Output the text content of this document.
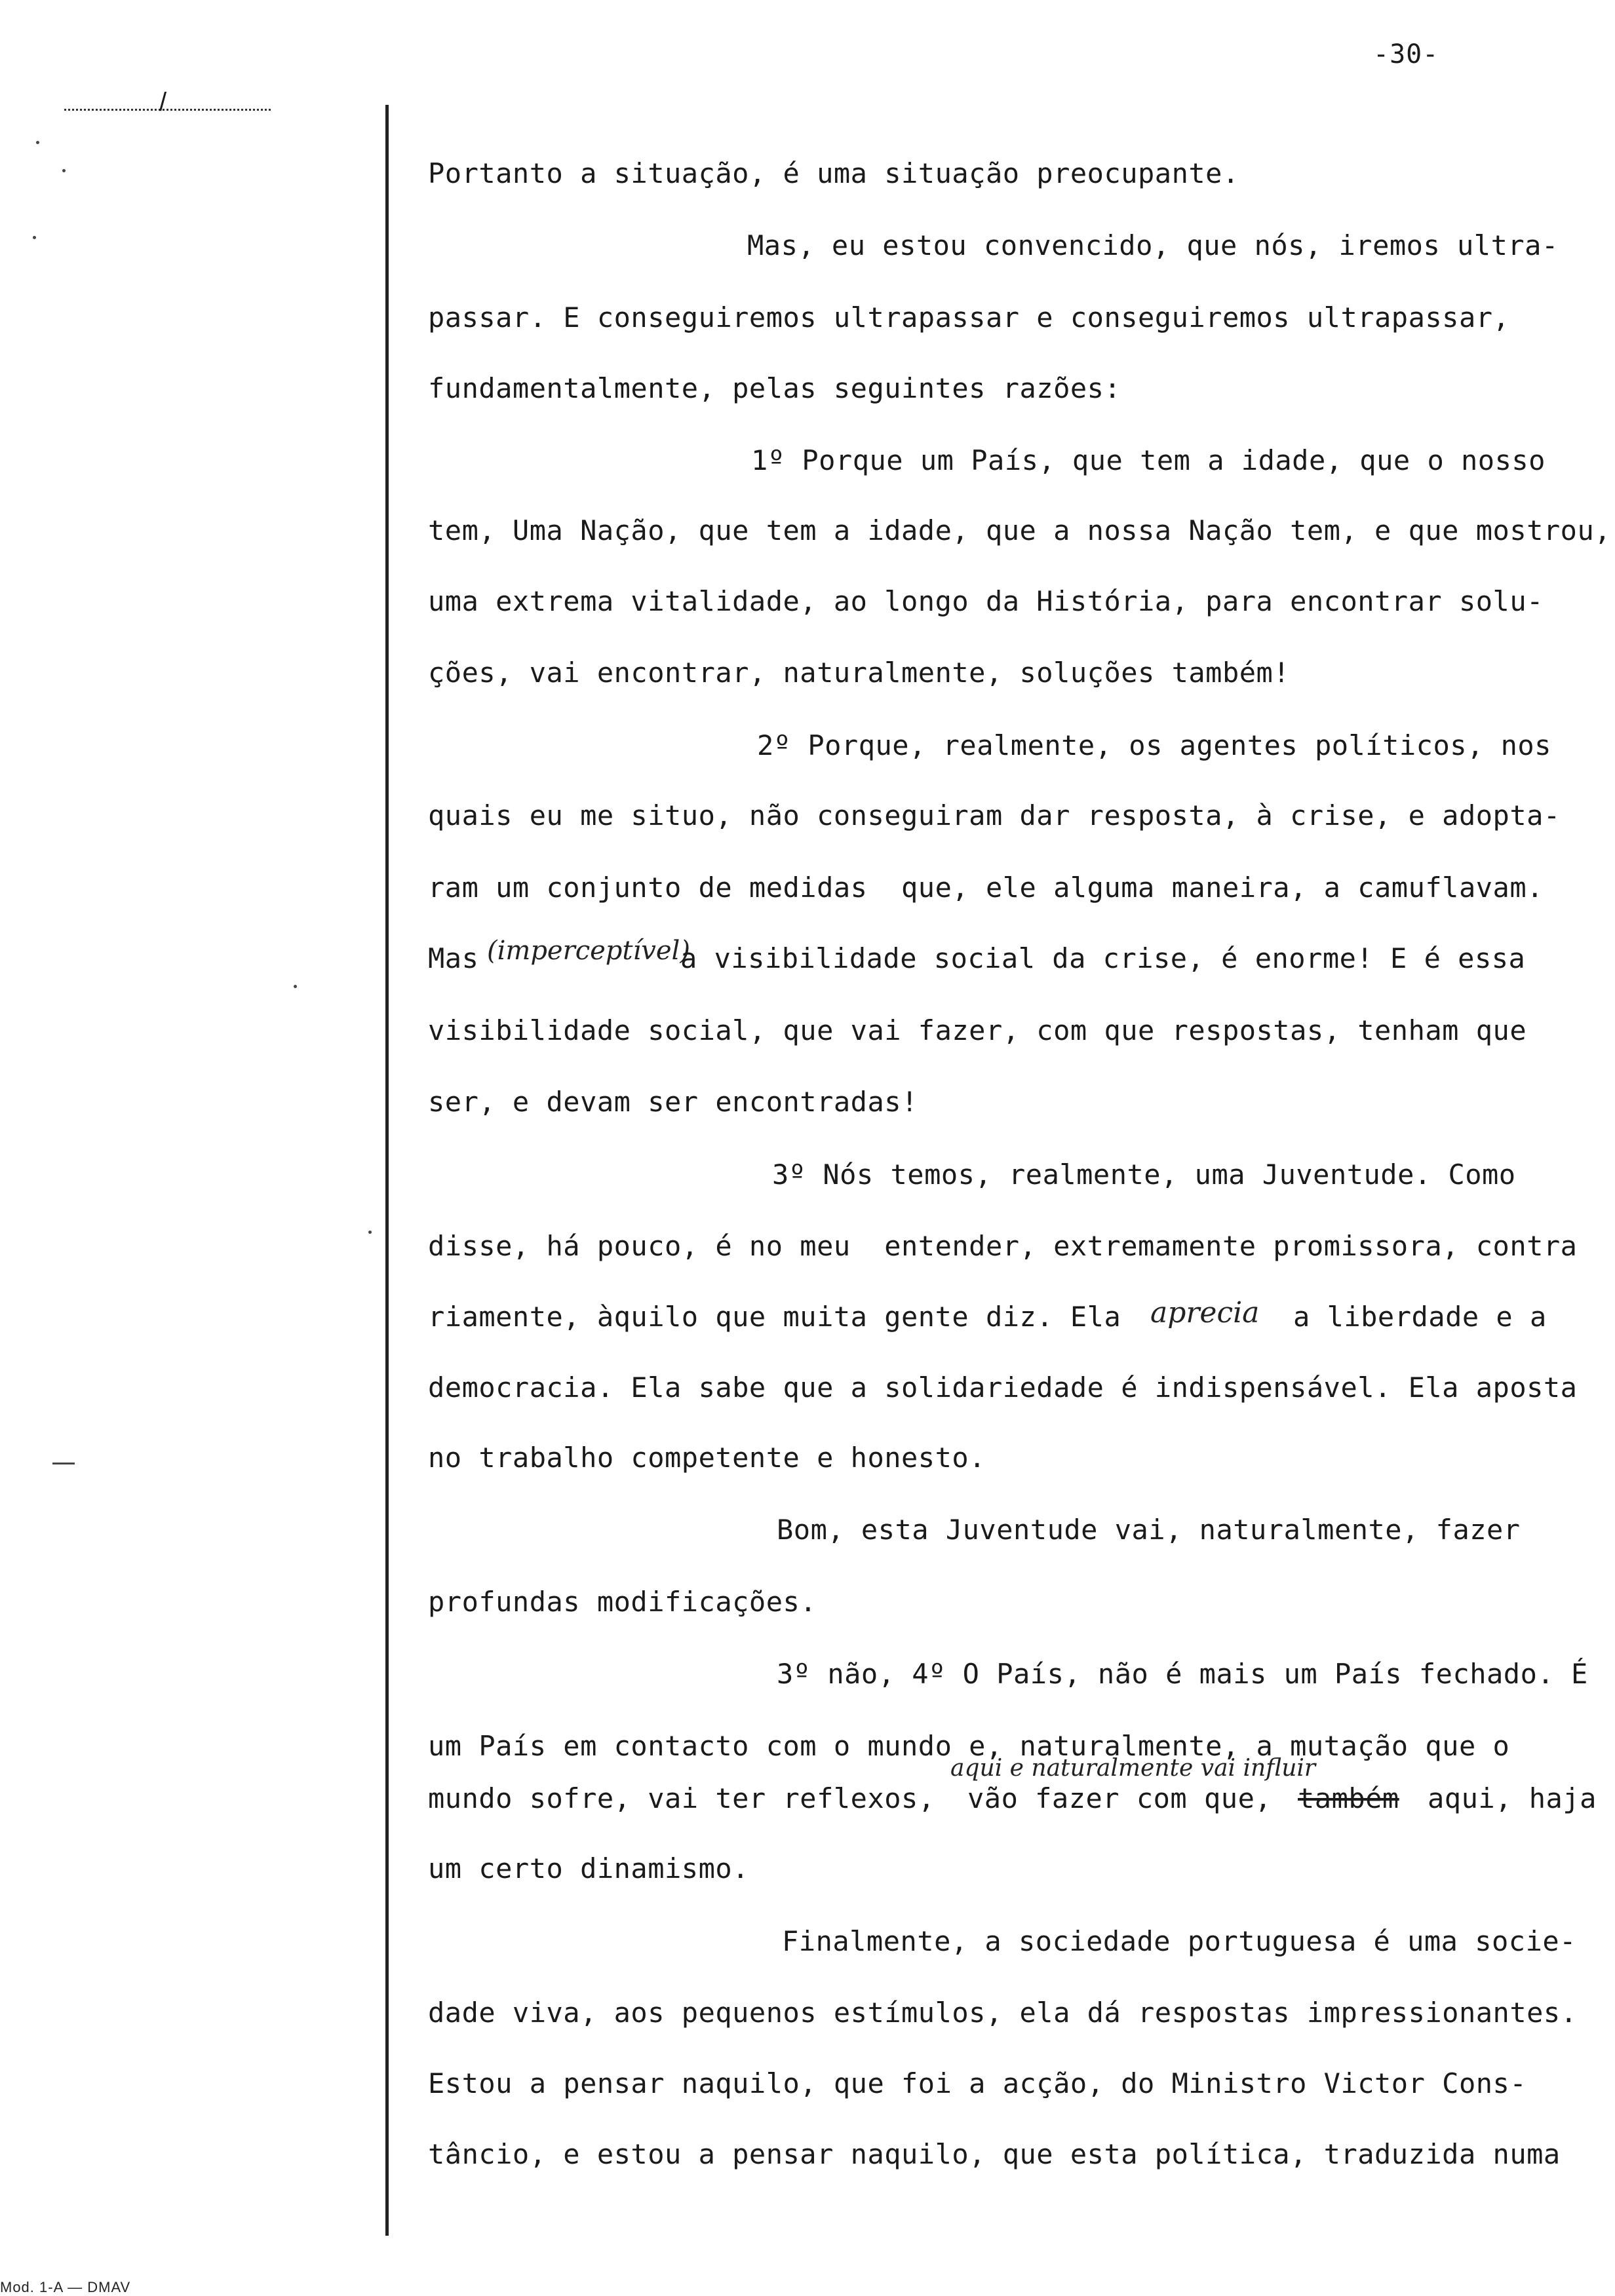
-30-
/
Portanto a situação, é uma situação preocupante.
Mas, eu estou convencido, que nós, iremos ultra-
passar. E conseguiremos ultrapassar e conseguiremos ultrapassar,
fundamentalmente, pelas seguintes razões:
1º Porque um País, que tem a idade, que o nosso
tem, Uma Nação, que tem a idade, que a nossa Nação tem, e que mostrou,
uma extrema vitalidade, ao longo da História, para encontrar solu-
ções, vai encontrar, naturalmente, soluções também!
2º Porque, realmente, os agentes políticos, nos
quais eu me situo, não conseguiram dar resposta, à crise, e adopta-
ram um conjunto de medidas  que, ele alguma maneira, a camuflavam.
Mas (imperceptível)
a visibilidade social da crise, é enorme! E é essa
visibilidade social, que vai fazer, com que respostas, tenham que
ser, e devam ser encontradas!
3º Nós temos, realmente, uma Juventude. Como
disse, há pouco, é no meu  entender, extremamente promissora, contra
riamente, àquilo que muita gente diz. Ela aprecia a liberdade e a
democracia. Ela sabe que a solidariedade é indispensável. Ela aposta
no trabalho competente e honesto.
Bom, esta Juventude vai, naturalmente, fazer
profundas modificações.
3º não, 4º O País, não é mais um País fechado. É
um País em contacto com o mundo e, naturalmente, a mutação que o
aqui e naturalmente vai influir
mundo sofre, vai ter reflexos, vão fazer com que, também aqui, haja
um certo dinamismo.
Finalmente, a sociedade portuguesa é uma socie-
dade viva, aos pequenos estímulos, ela dá respostas impressionantes.
Estou a pensar naquilo, que foi a acção, do Ministro Victor Cons-
tâncio, e estou a pensar naquilo, que esta política, traduzida numa
Mod. 1-A — DMAV
